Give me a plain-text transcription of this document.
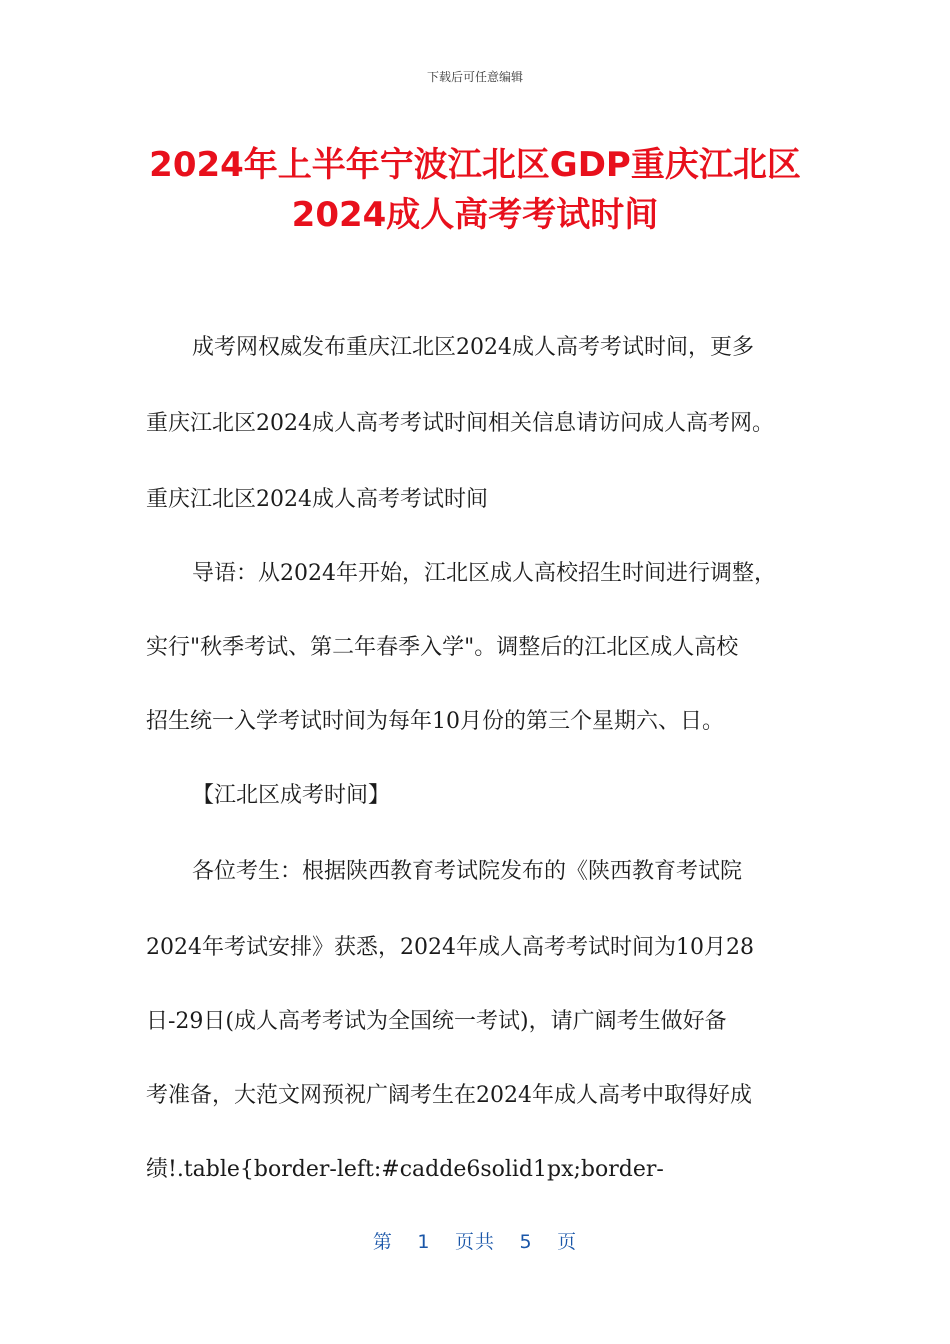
下载后可任意编辑
2024年上半年宁波江北区GDP重庆江北区
2024成人高考考试时间
成考网权威发布重庆江北区2024成人高考考试时间，更多
重庆江北区2024成人高考考试时间相关信息请访问成人高考网。
重庆江北区2024成人高考考试时间
导语：从2024年开始，江北区成人高校招生时间进行调整，
实行"秋季考试、第二年春季入学"。调整后的江北区成人高校
招生统一入学考试时间为每年10月份的第三个星期六、日。
【江北区成考时间】
各位考生：根据陕西教育考试院发布的《陕西教育考试院
2024年考试安排》获悉，2024年成人高考考试时间为10月28
日-29日(成人高考考试为全国统一考试)，请广阔考生做好备
考准备，大范文网预祝广阔考生在2024年成人高考中取得好成
绩!.table{border-left:#cadde6solid1px;border-
第 1 页共 5 页
